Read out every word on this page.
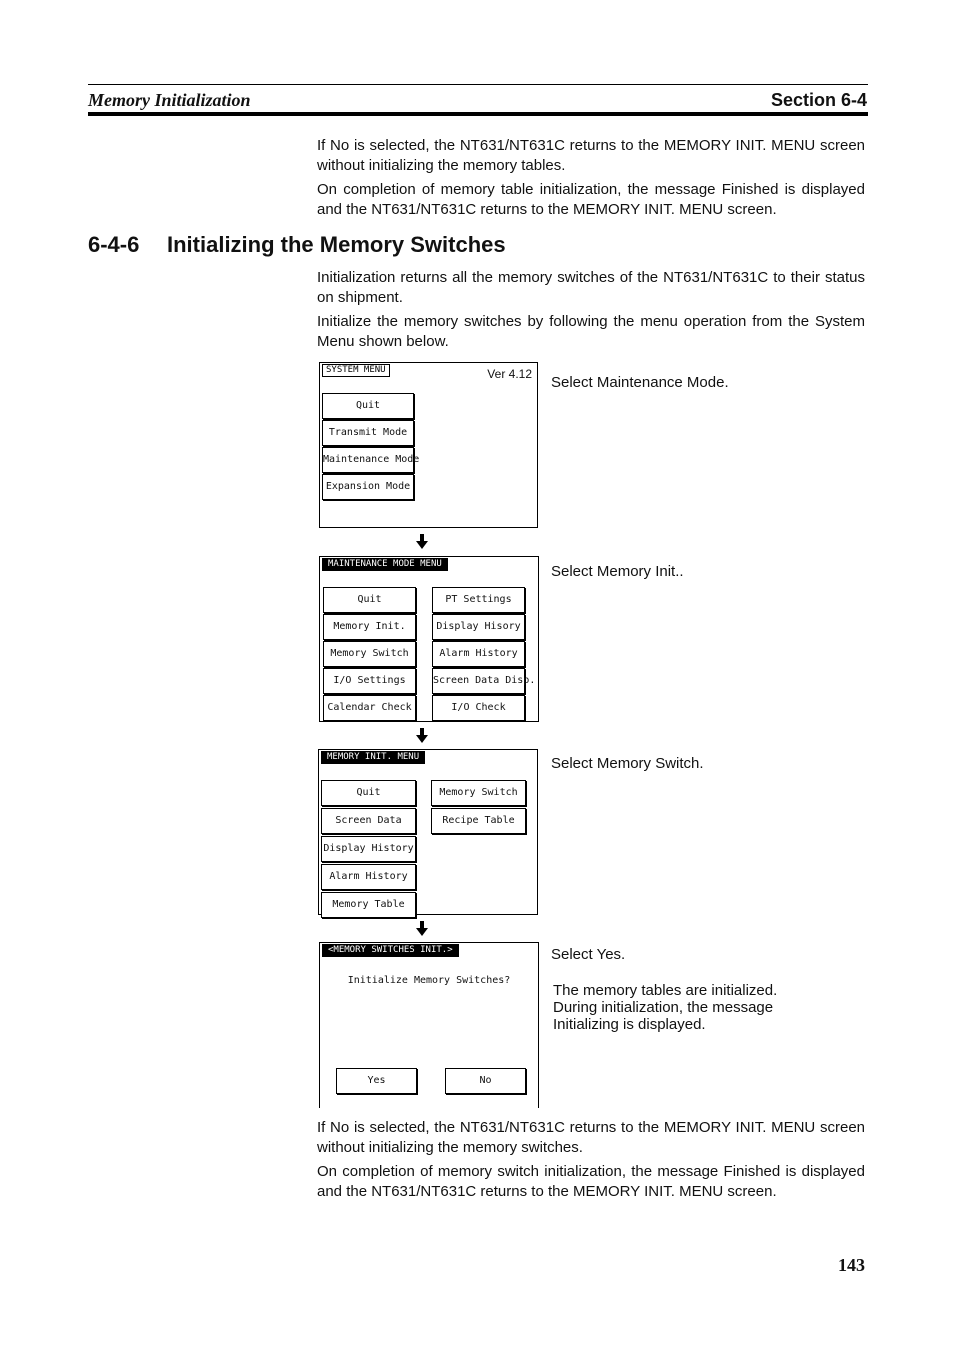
Memory Initialization	Section 6-4

If No is selected, the NT631/NT631C returns to the MEMORY INIT. MENU screen without initializing the memory tables.

On completion of memory table initialization, the message Finished is displayed and the NT631/NT631C returns to the MEMORY INIT. MENU screen.

6-4-6 Initializing the Memory Switches

Initialization returns all the memory switches of the NT631/NT631C to their status on shipment.

Initialize the memory switches by following the menu operation from the System Menu shown below.

SYSTEM MENU	Ver 4.12
Quit
Transmit Mode
Maintenance Mode
Expansion Mode
Select Maintenance Mode.
MAINTENANCE MODE MENU
Quit
Memory Init.
Memory Switch
I/O Settings
Calendar Check
PT Settings
Display Hisory
Alarm History
Screen Data Disp.
I/O Check
Select Memory Init..
MEMORY INIT. MENU
Quit
Screen Data
Display History
Alarm History
Memory Table
Memory Switch
Recipe Table
Select Memory Switch.
<MEMORY SWITCHES INIT.>
Initialize Memory Switches?
Yes	No
Select Yes.
The memory tables are initialized.
During initialization, the message
Initializing is displayed.

If No is selected, the NT631/NT631C returns to the MEMORY INIT. MENU screen without initializing the memory switches.

On completion of memory switch initialization, the message Finished is displayed and the NT631/NT631C returns to the MEMORY INIT. MENU screen.

143
